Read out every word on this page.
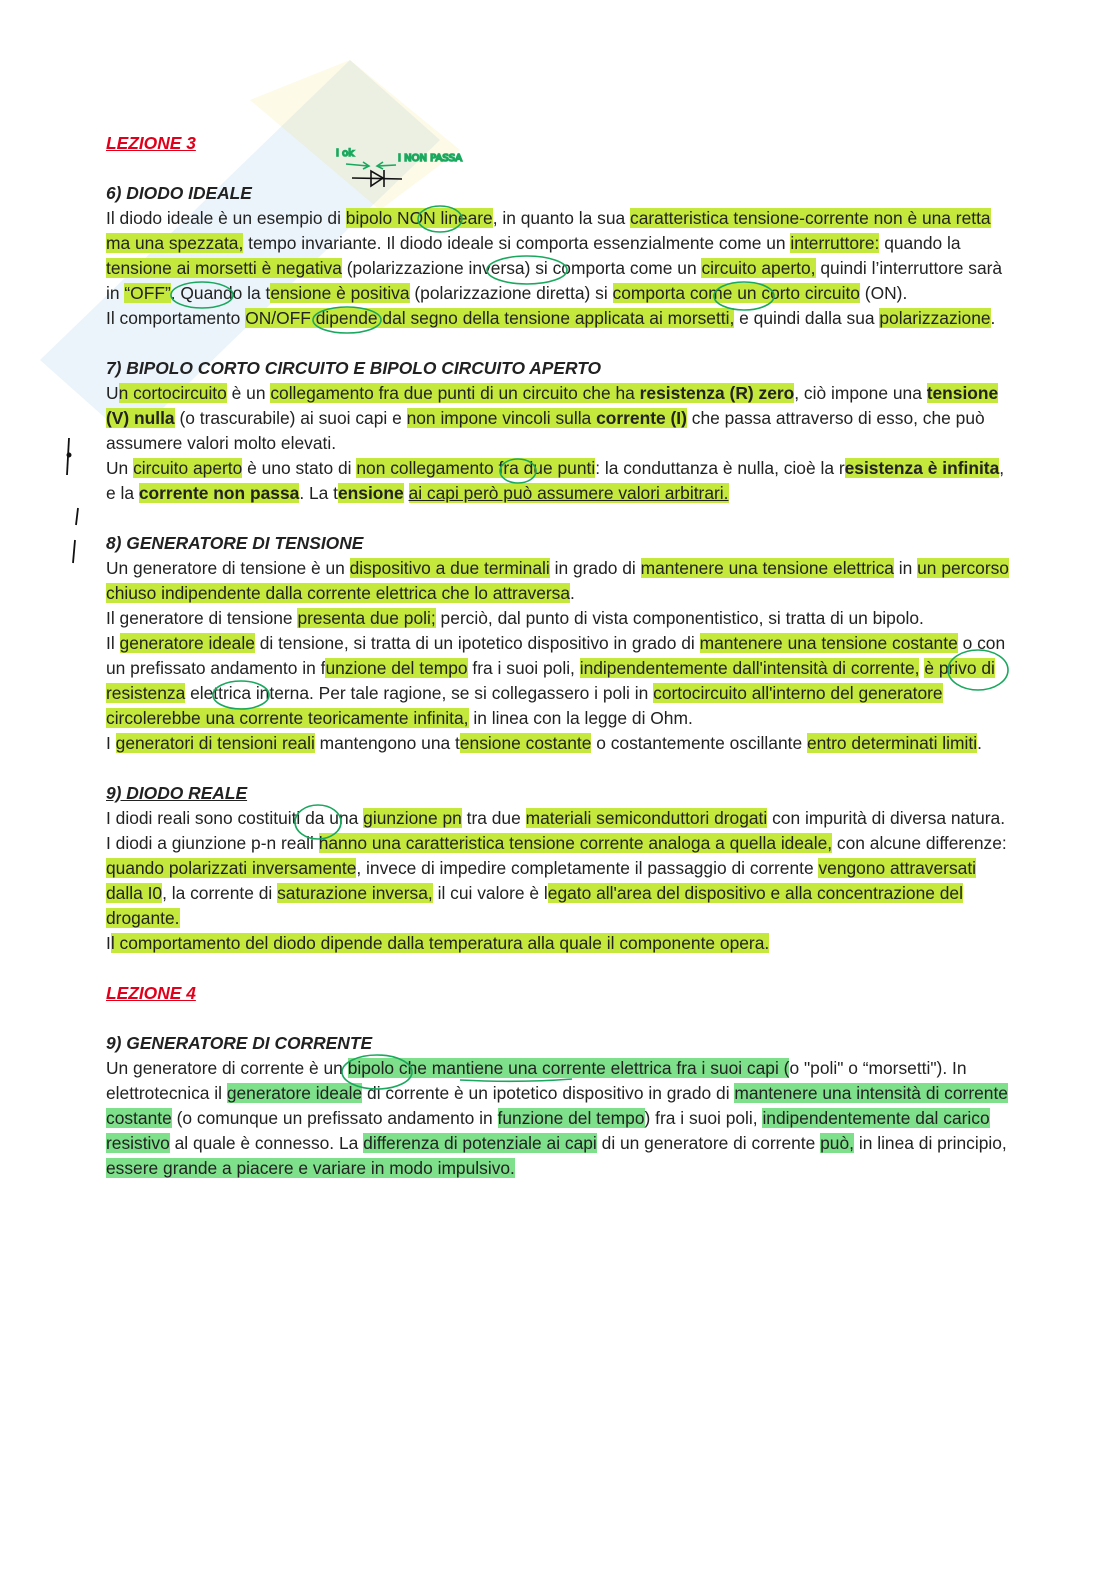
LEZIONE 3
6) DIODO IDEALE

Il diodo ideale è un esempio di bipolo NON lineare, in quanto la sua caratteristica tensione-corrente non è una retta ma una spezzata, tempo invariante. Il diodo ideale si comporta essenzialmente come un interruttore: quando la tensione ai morsetti è negativa (polarizzazione inversa) si comporta come un circuito aperto, quindi l’interruttore sarà in “OFF”. Quando la tensione è positiva (polarizzazione diretta) si comporta come un corto circuito (ON).

Il comportamento ON/OFF dipende dal segno della tensione applicata ai morsetti, e quindi dalla sua polarizzazione.

7) BIPOLO CORTO CIRCUITO E BIPOLO CIRCUITO APERTO

Un cortocircuito è un collegamento fra due punti di un circuito che ha resistenza (R) zero, ciò impone una tensione (V) nulla (o trascurabile) ai suoi capi e non impone vincoli sulla corrente (I) che passa attraverso di esso, che può assumere valori molto elevati.

Un circuito aperto è uno stato di non collegamento fra due punti: la conduttanza è nulla, cioè la resistenza è infinita, e la corrente non passa. La tensione ai capi però può assumere valori arbitrari.

8) GENERATORE DI TENSIONE

Un generatore di tensione è un dispositivo a due terminali in grado di mantenere una tensione elettrica in un percorso chiuso indipendente dalla corrente elettrica che lo attraversa.

Il generatore di tensione presenta due poli; perciò, dal punto di vista componentistico, si tratta di un bipolo.

Il generatore ideale di tensione, si tratta di un ipotetico dispositivo in grado di mantenere una tensione costante o con un prefissato andamento in funzione del tempo fra i suoi poli, indipendentemente dall'intensità di corrente, è privo di resistenza elettrica interna. Per tale ragione, se si collegassero i poli in cortocircuito all'interno del generatore circolerebbe una corrente teoricamente infinita, in linea con la legge di Ohm.

I generatori di tensioni reali mantengono una tensione costante o costantemente oscillante entro determinati limiti.

9) DIODO REALE

I diodi reali sono costituiti da una giunzione pn tra due materiali semiconduttori drogati con impurità di diversa natura.

I diodi a giunzione p-n reali hanno una caratteristica tensione corrente analoga a quella ideale, con alcune differenze: quando polarizzati inversamente, invece di impedire completamente il passaggio di corrente vengono attraversati dalla I0, la corrente di saturazione inversa, il cui valore è legato all'area del dispositivo e alla concentrazione del drogante.

Il comportamento del diodo dipende dalla temperatura alla quale il componente opera.

LEZIONE 4
9) GENERATORE DI CORRENTE

Un generatore di corrente è un bipolo che mantiene una corrente elettrica fra i suoi capi (o "poli" o “morsetti"). In elettrotecnica il generatore ideale di corrente è un ipotetico dispositivo in grado di mantenere una intensità di corrente costante (o comunque un prefissato andamento in funzione del tempo) fra i suoi poli, indipendentemente dal carico resistivo al quale è connesso. La differenza di potenziale ai capi di un generatore di corrente può, in linea di principio, essere grande a piacere e variare in modo impulsivo.

I ok	I NON PASSA
